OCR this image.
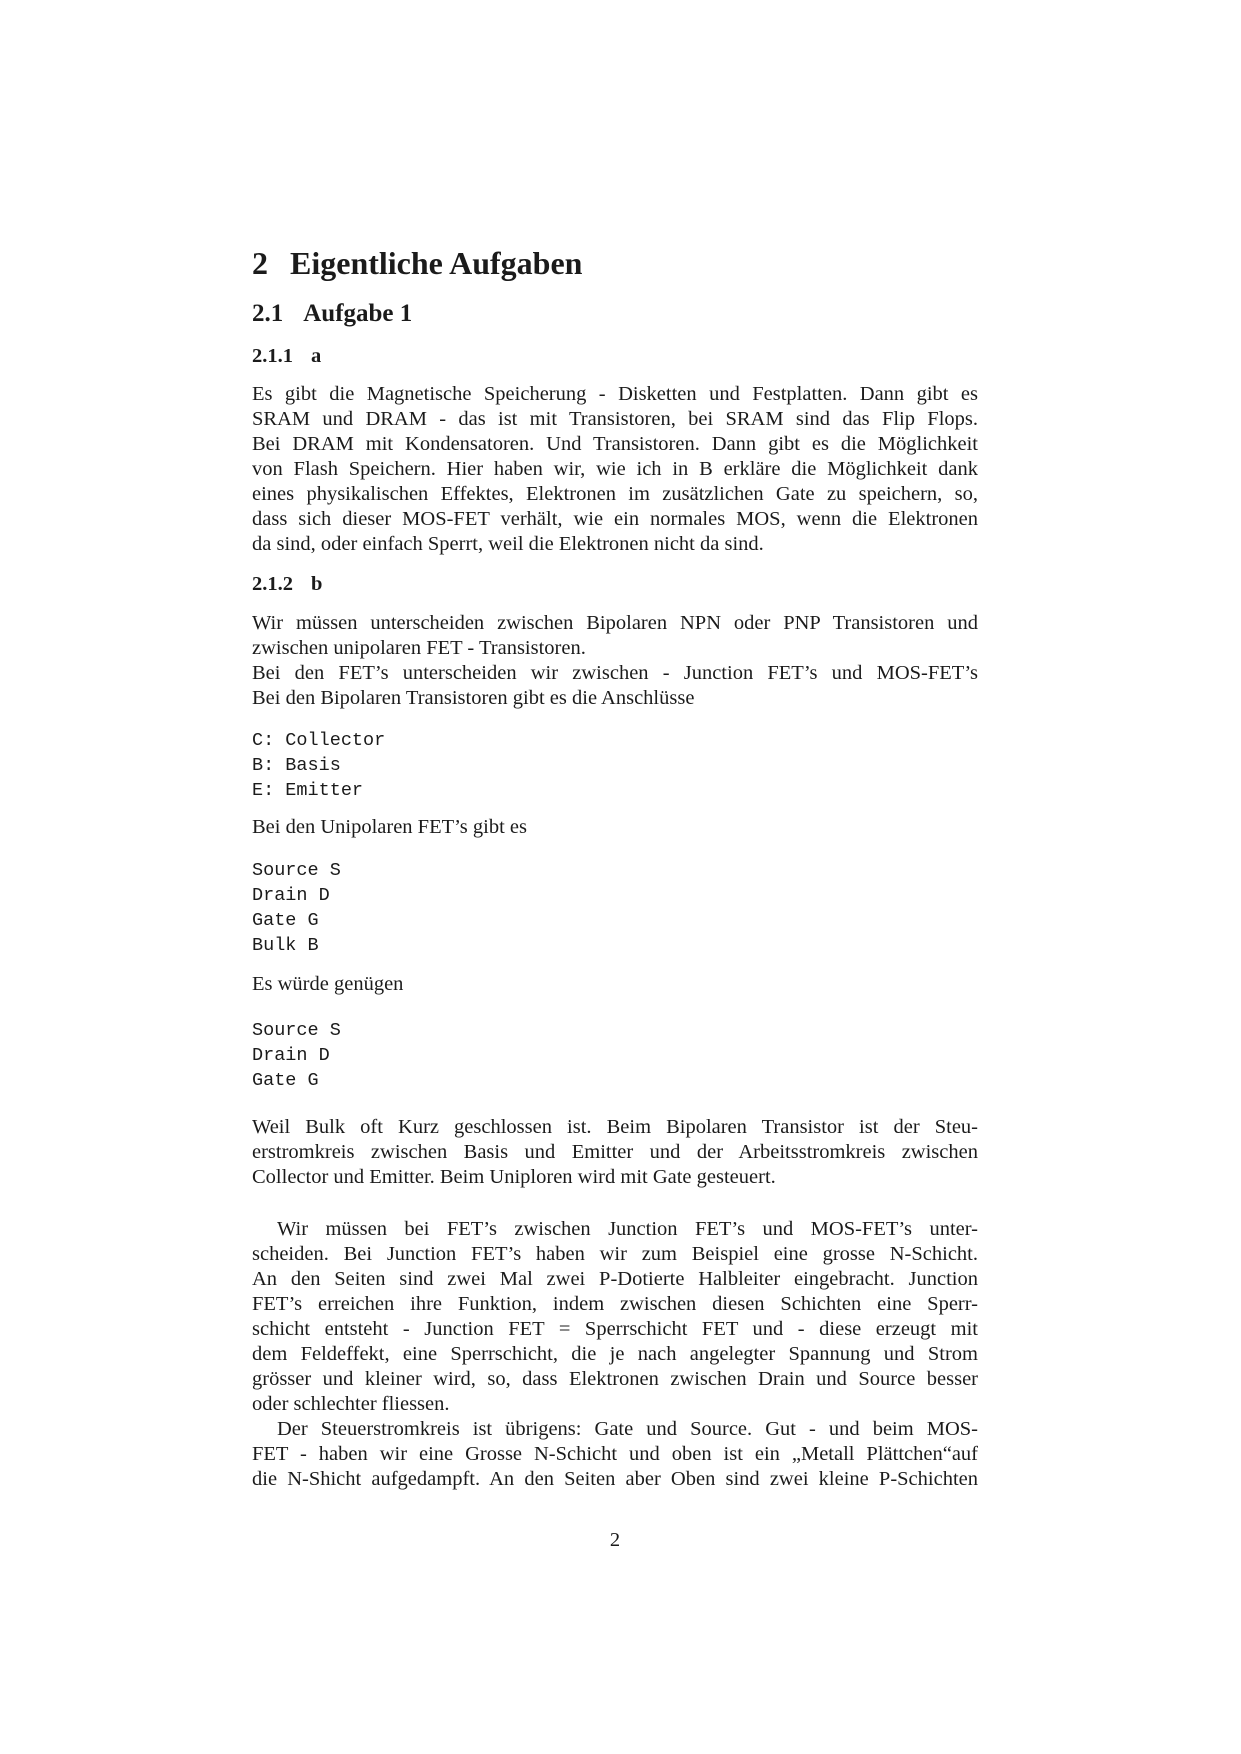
2 Eigentliche Aufgaben
2.1 Aufgabe 1
2.1.1 a
Es gibt die Magnetische Speicherung - Disketten und Festplatten. Dann gibt es
SRAM und DRAM - das ist mit Transistoren, bei SRAM sind das Flip Flops.
Bei DRAM mit Kondensatoren. Und Transistoren. Dann gibt es die Möglichkeit
von Flash Speichern. Hier haben wir, wie ich in B erkläre die Möglichkeit dank
eines physikalischen Effektes, Elektronen im zusätzlichen Gate zu speichern, so,
dass sich dieser MOS-FET verhält, wie ein normales MOS, wenn die Elektronen
da sind, oder einfach Sperrt, weil die Elektronen nicht da sind.
2.1.2 b
Wir müssen unterscheiden zwischen Bipolaren NPN oder PNP Transistoren und
zwischen unipolaren FET - Transistoren.
Bei den FET’s unterscheiden wir zwischen - Junction FET’s und MOS-FET’s
Bei den Bipolaren Transistoren gibt es die Anschlüsse
C: Collector
B: Basis
E: Emitter
Bei den Unipolaren FET’s gibt es
Source S
Drain D
Gate G
Bulk B
Es würde genügen
Source S
Drain D
Gate G
Weil Bulk oft Kurz geschlossen ist. Beim Bipolaren Transistor ist der Steu-
erstromkreis zwischen Basis und Emitter und der Arbeitsstromkreis zwischen
Collector und Emitter. Beim Uniploren wird mit Gate gesteuert.
Wir müssen bei FET’s zwischen Junction FET’s und MOS-FET’s unter-
scheiden. Bei Junction FET’s haben wir zum Beispiel eine grosse N-Schicht.
An den Seiten sind zwei Mal zwei P-Dotierte Halbleiter eingebracht. Junction
FET’s erreichen ihre Funktion, indem zwischen diesen Schichten eine Sperr-
schicht entsteht - Junction FET = Sperrschicht FET und - diese erzeugt mit
dem Feldeffekt, eine Sperrschicht, die je nach angelegter Spannung und Strom
grösser und kleiner wird, so, dass Elektronen zwischen Drain und Source besser
oder schlechter fliessen.
Der Steuerstromkreis ist übrigens: Gate und Source. Gut - und beim MOS-
FET - haben wir eine Grosse N-Schicht und oben ist ein „Metall Plättchen“auf
die N-Shicht aufgedampft. An den Seiten aber Oben sind zwei kleine P-Schichten
2
